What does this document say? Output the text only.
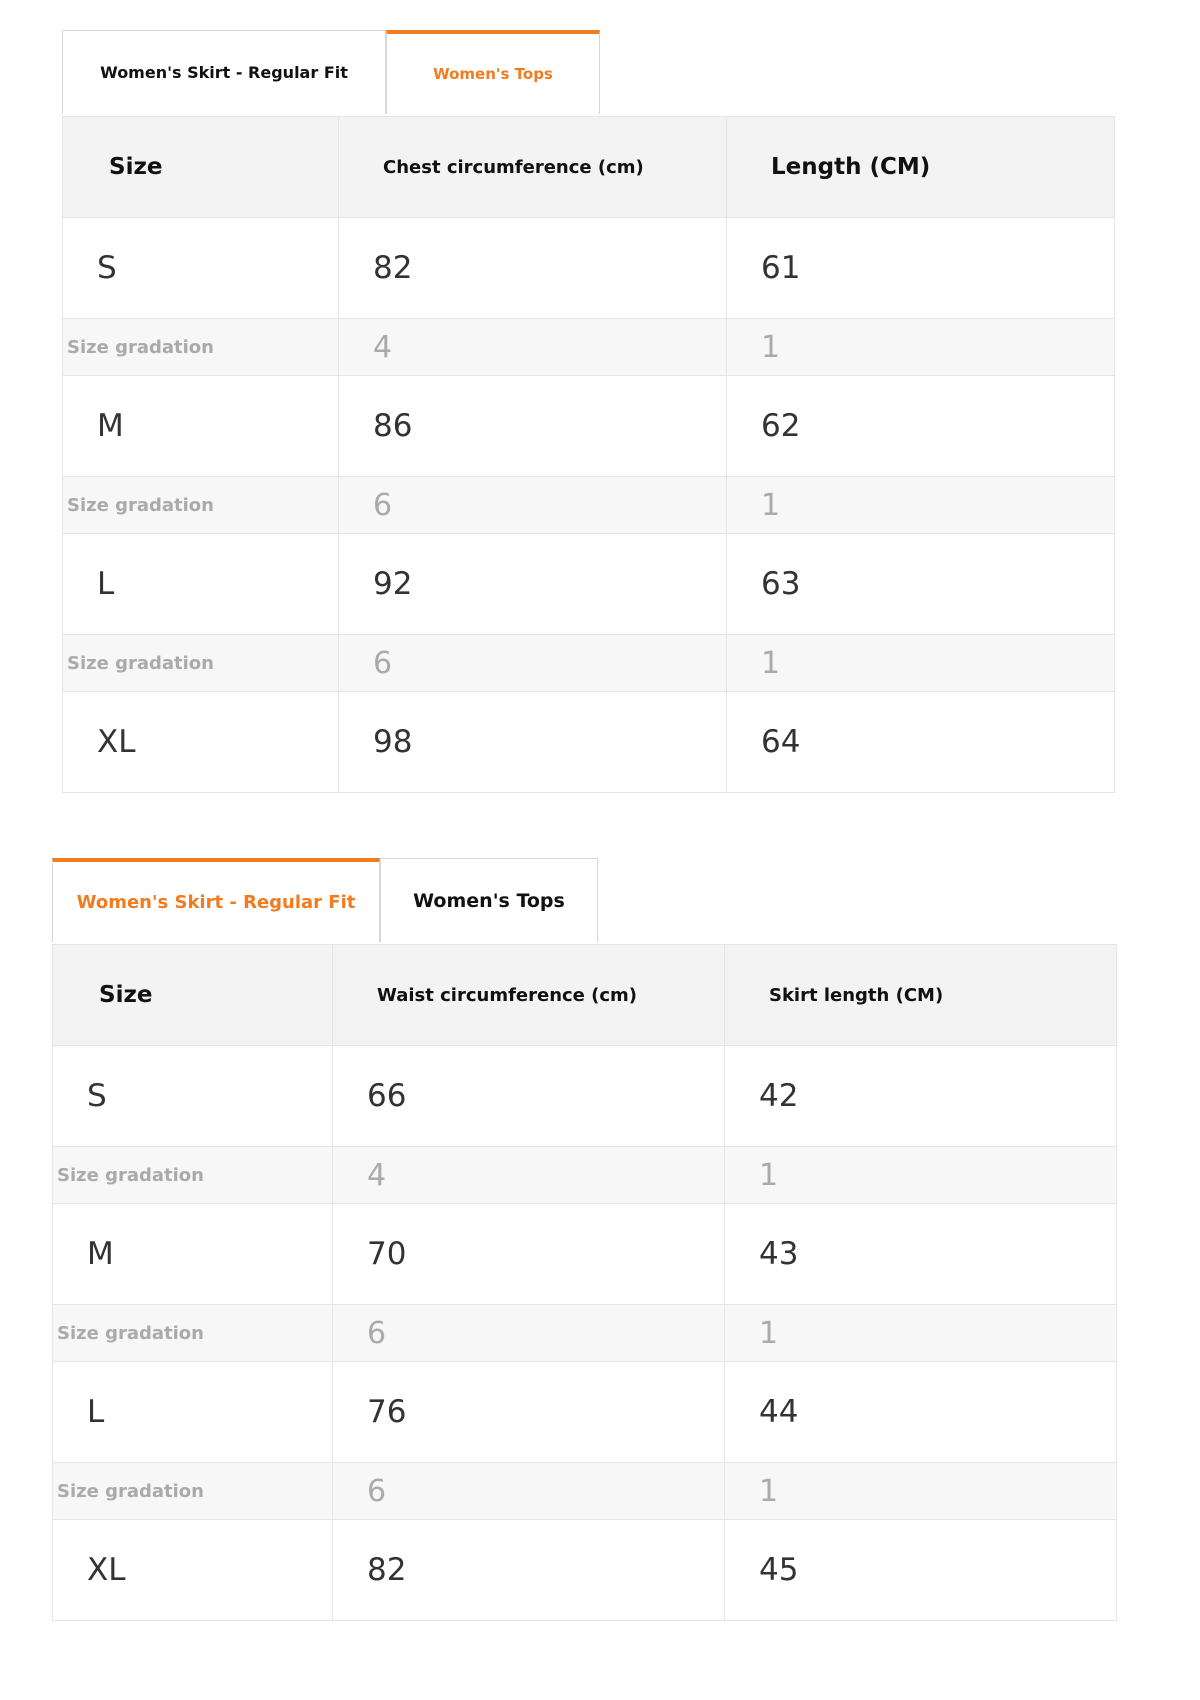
Women's Skirt - Regular Fit	Women's Tops
Size	Chest circumference (cm)	Length (CM)
S	82	61
Size gradation	4	1
M	86	62
Size gradation	6	1
L	92	63
Size gradation	6	1
XL	98	64
Women's Skirt - Regular Fit	Women's Tops
Size	Waist circumference (cm)	Skirt length (CM)
S	66	42
Size gradation	4	1
M	70	43
Size gradation	6	1
L	76	44
Size gradation	6	1
XL	82	45
